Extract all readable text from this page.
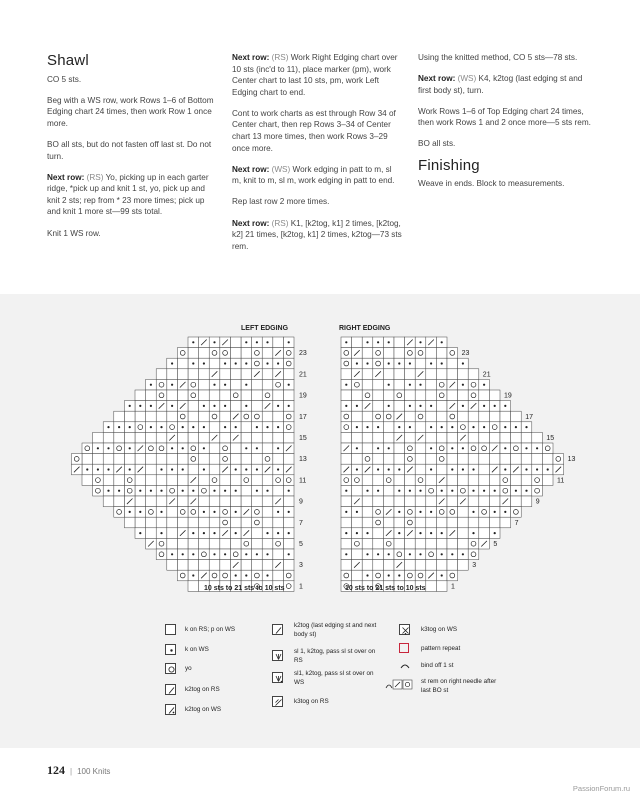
Shawl

CO 5 sts.

Beg with a WS row, work Rows 1–6 of Bottom Edging chart 24 times, then work Row 1 once more.

BO all sts, but do not fasten off last st. Do not turn.

Next row: (RS) Yo, picking up in each garter ridge, *pick up and knit 1 st, yo, pick up and knit 2 sts; rep from * 23 more times; pick up and knit 1 more st—99 sts total.

Knit 1 WS row.

Next row: (RS) Work Right Edging chart over 10 sts (inc'd to 11), place marker (pm), work Center chart to last 10 sts, pm, work Left Edging chart to end.

Cont to work charts as est through Row 34 of Center chart, then rep Rows 3–34 of Center chart 13 more times, then work Rows 3–29 once more.

Next row: (WS) Work edging in patt to m, sl m, knit to m, sl m, work edging in patt to end.

Rep last row 2 more times.

Next row: (RS) K1, [k2tog, k1] 2 times, [k2tog, k2] 21 times, [k2tog, k1] 2 times, k2tog—73 sts rem.

Using the knitted method, CO 5 sts—78 sts.

Next row: (WS) K4, k2tog (last edging st and first body st), turn.

Work Rows 1–6 of Top Edging chart 24 times, then work Rows 1 and 2 once more—5 sts rem.

BO all sts.

Finishing

Weave in ends. Block to measurements.

LEFT EDGING	RIGHT EDGING
23
21
19
17
15
13
11
9
7
5
3
1
23
21
19
17
15
13
11
9
7
5
3
1
10 sts to 21 sts to 10 sts	10 sts to 21 sts to 10 sts
k on RS; p on WS
k on WS
yo
k2tog on RS
k2tog on WS
k2tog (last edging st and next body st)
sl 1, k2tog, pass sl st over on RS
sl1, k2tog, pass sl st over on WS
k3tog on RS
k3tog on WS
pattern repeat
bind off 1 st
st rem on right needle after last BO st
124 | 100 Knits
PassionForum.ru
